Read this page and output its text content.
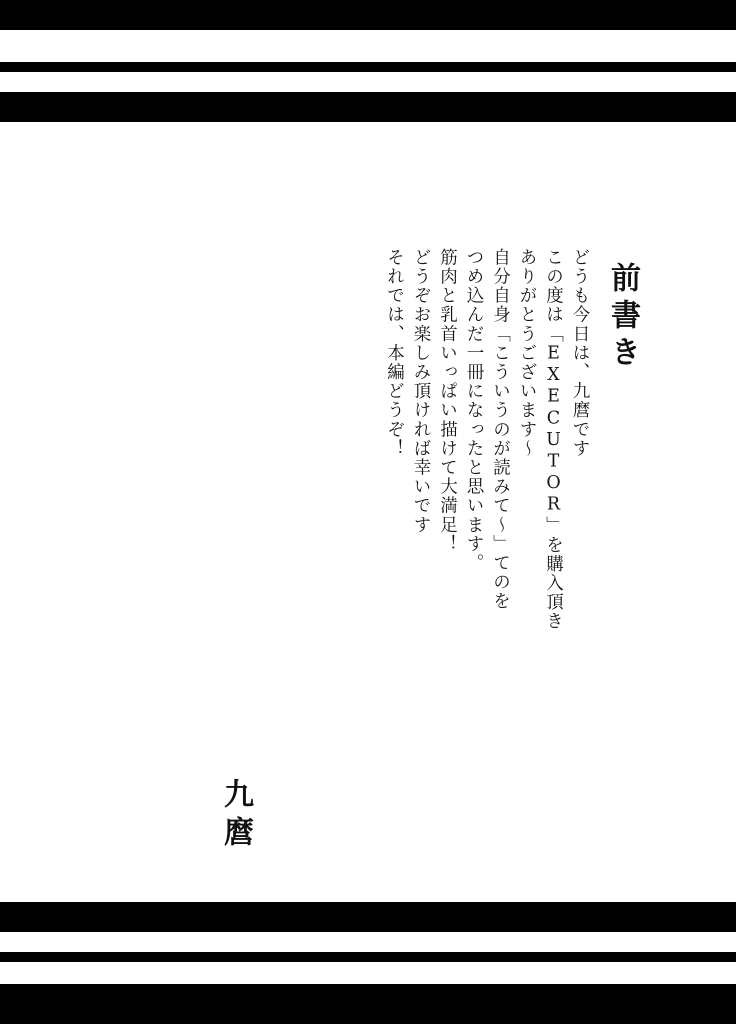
前書き
どうも今日は、九麿です
この度は「EXECUTOR」を購入頂き
ありがとうございます〜
自分自身「こういうのが読みて〜」てのを
つめ込んだ一冊になったと思います。
筋肉と乳首いっぱい描けて大満足！
どうぞお楽しみ頂ければ幸いです
それでは、本編どうぞ！
九麿
